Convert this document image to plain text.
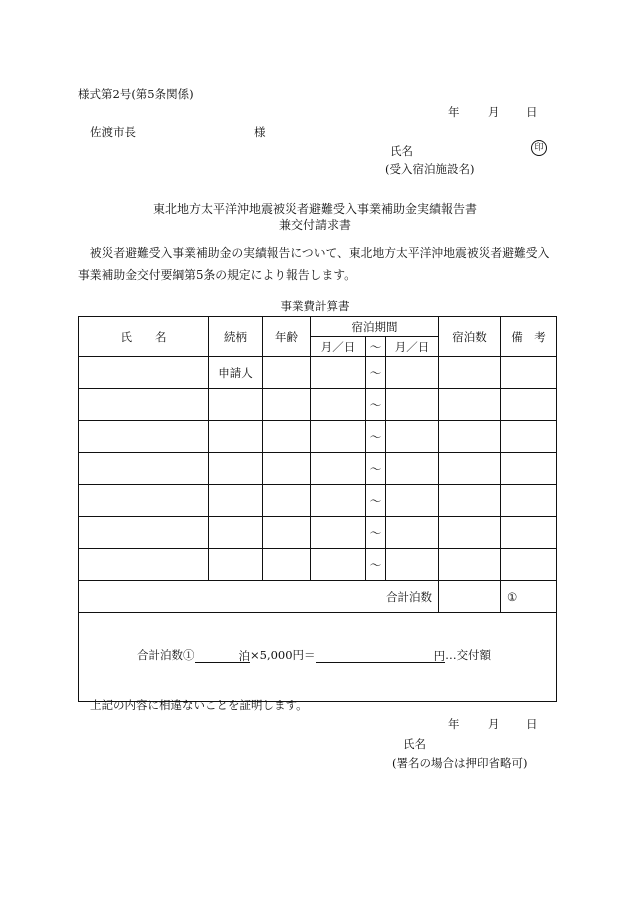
様式第2号(第5条関係)
年 月 日
佐渡市長	様
氏名	印
(受入宿泊施設名)
東北地方太平洋沖地震被災者避難受入事業補助金実績報告書
兼交付請求書
　被災者避難受入事業補助金の実績報告について、東北地方太平洋沖地震被災者避難受入事業補助金交付要綱第5条の規定により報告します。
事業費計算書
氏　　名	続柄	年齢	宿泊期間			宿泊数	備　考
			月／日	～	月／日		
	申請人			～			
				～			
				～			
				～			
				～			
				～			
				～			
合計泊数							①

合計泊数① 泊×5,000円＝ 円…交付額							
上記の内容に相違ないことを証明します。
年 月 日
氏名
(署名の場合は押印省略可)
